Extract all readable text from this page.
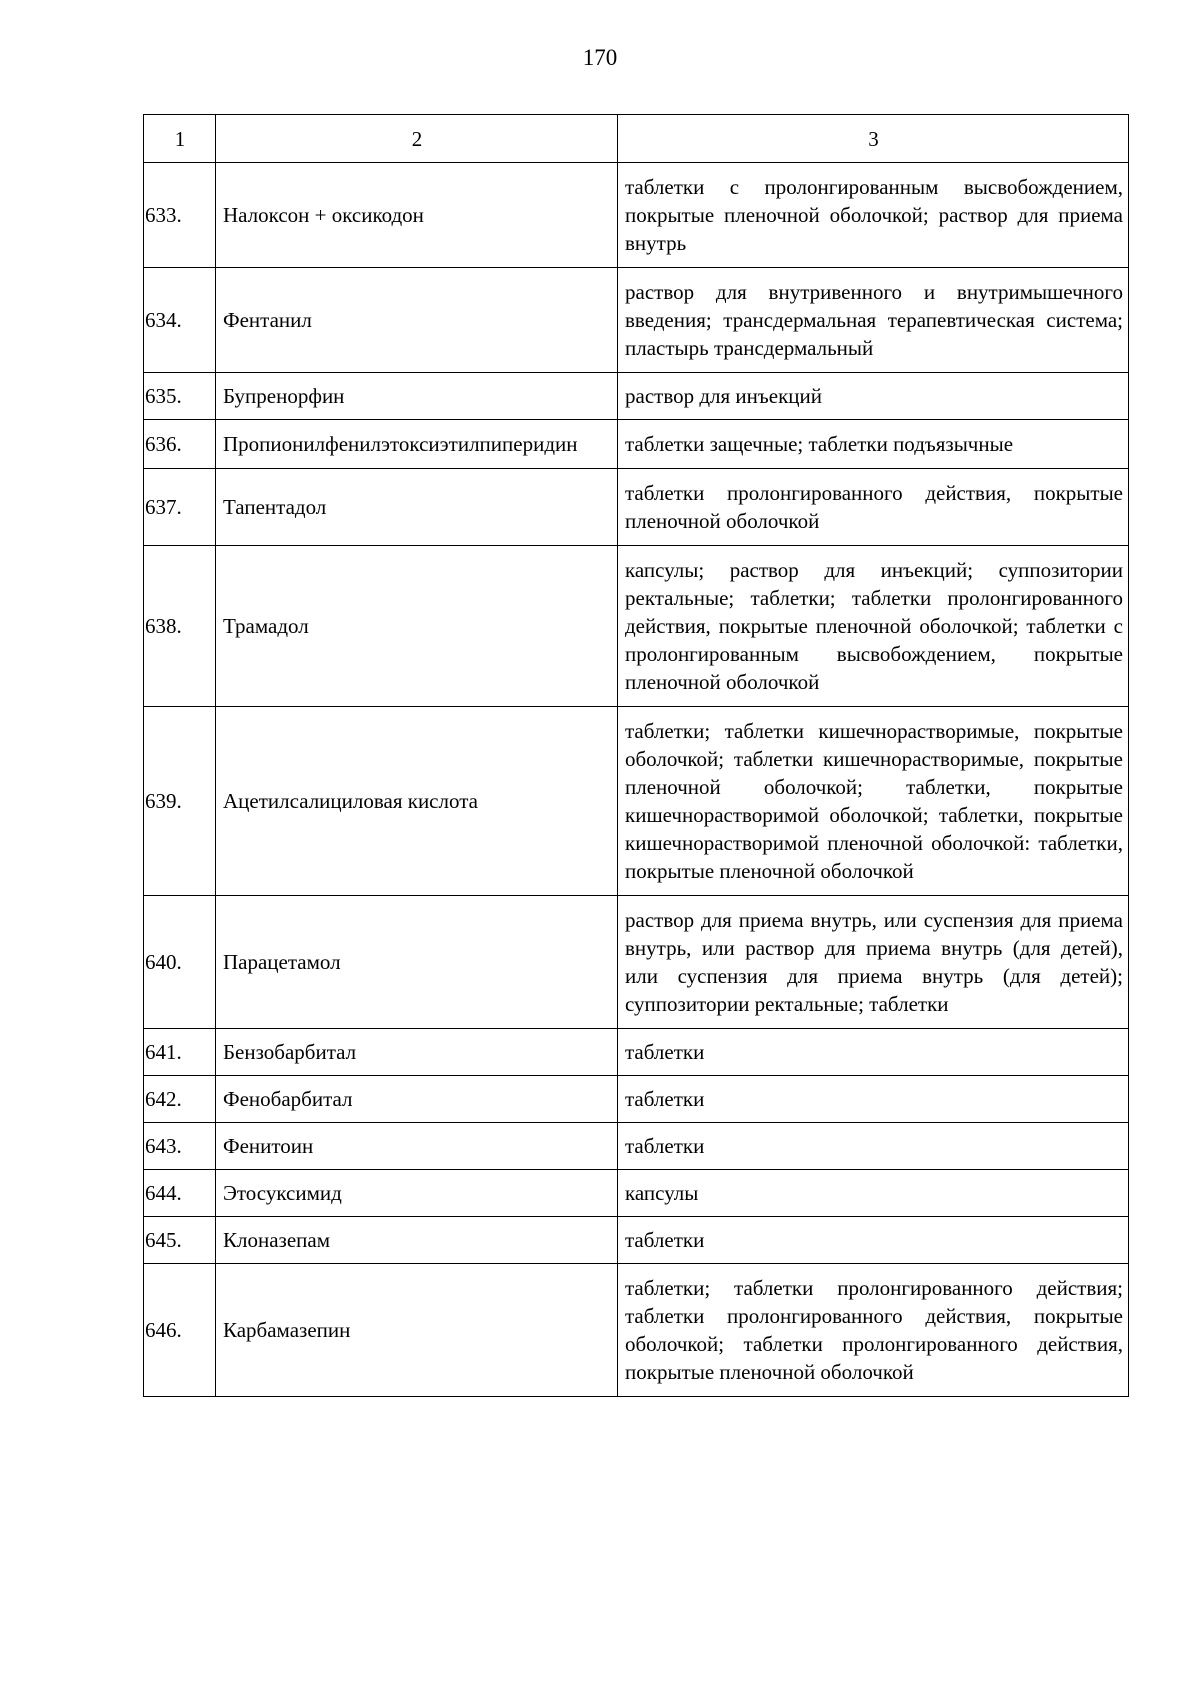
170
1	2	3
633.	Налоксон + оксикодон	таблетки с пролонгированным высвобождением, покрытые пленочной оболочкой; раствор для приема внутрь
634.	Фентанил	раствор для внутривенного и внутримышечного введения; трансдермальная терапевтическая система; пластырь трансдермальный
635.	Бупренорфин	раствор для инъекций
636.	Пропионилфенилэтоксиэтилпиперидин	таблетки защечные; таблетки подъязычные
637.	Тапентадол	таблетки пролонгированного действия, покрытые пленочной оболочкой
638.	Трамадол	капсулы; раствор для инъекций; суппозитории ректальные; таблетки; таблетки пролонгированного действия, покрытые пленочной оболочкой; таблетки с пролонгированным высвобождением, покрытые пленочной оболочкой
639.	Ацетилсалициловая кислота	таблетки; таблетки кишечнорастворимые, покрытые оболочкой; таблетки кишечнорастворимые, покрытые пленочной оболочкой; таблетки, покрытые кишечнорастворимой оболочкой; таблетки, покрытые кишечнорастворимой пленочной оболочкой: таблетки, покрытые пленочной оболочкой
640.	Парацетамол	раствор для приема внутрь, или суспензия для приема внутрь, или раствор для приема внутрь (для детей), или суспензия для приема внутрь (для детей); суппозитории ректальные; таблетки
641.	Бензобарбитал	таблетки
642.	Фенобарбитал	таблетки
643.	Фенитоин	таблетки
644.	Этосуксимид	капсулы
645.	Клоназепам	таблетки
646.	Карбамазепин	таблетки; таблетки пролонгированного действия; таблетки пролонгированного действия, покрытые оболочкой; таблетки пролонгированного действия, покрытые пленочной оболочкой
